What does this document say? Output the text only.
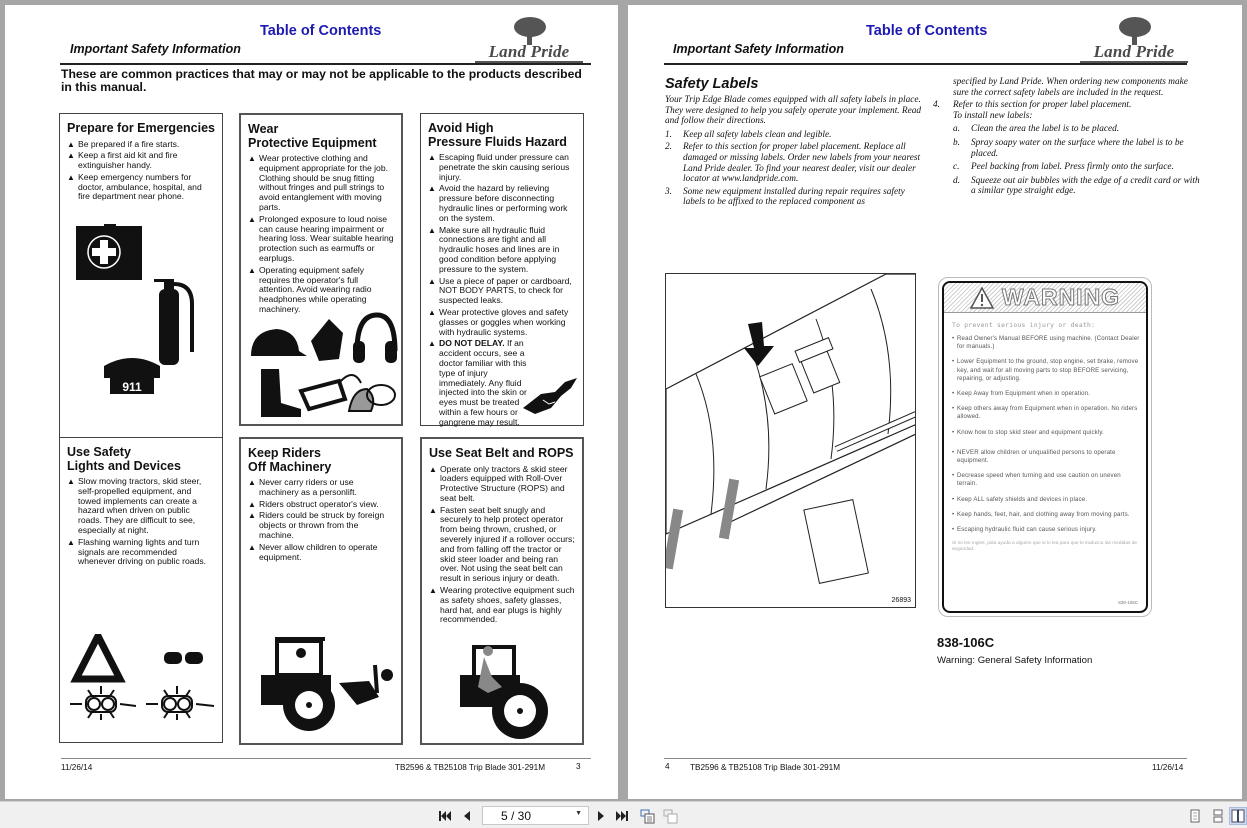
Table of Contents
Important Safety Information	Land Pride
These are common practices that may or may not be applicable to the products described in this manual.
Prepare for Emergencies
▲ Be prepared if a fire starts.
▲ Keep a first aid kit and fire extinguisher handy.
▲ Keep emergency numbers for doctor, ambulance, hospital, and fire department near phone.
911
Wear
Protective Equipment
▲ Wear protective clothing and equipment appropriate for the job. Clothing should be snug fitting without fringes and pull strings to avoid entanglement with moving parts.
▲ Prolonged exposure to loud noise can cause hearing impairment or hearing loss. Wear suitable hearing protection such as earmuffs or earplugs.
▲ Operating equipment safely requires the operator's full attention. Avoid wearing radio headphones while operating machinery.
Avoid High
Pressure Fluids Hazard
▲ Escaping fluid under pressure can penetrate the skin causing serious injury.
▲ Avoid the hazard by relieving pressure before disconnecting hydraulic lines or performing work on the system.
▲ Make sure all hydraulic fluid connections are tight and all hydraulic hoses and lines are in good condition before applying pressure to the system.
▲ Use a piece of paper or cardboard, NOT BODY PARTS, to check for suspected leaks.
▲ Wear protective gloves and safety glasses or goggles when working with hydraulic systems.
▲ DO NOT DELAY. If an accident occurs, see a doctor familiar with this type of injury immediately. Any fluid injected into the skin or eyes must be treated within a few hours or gangrene may result.
Use Safety
Lights and Devices
▲ Slow moving tractors, skid steer, self-propelled equipment, and towed implements can create a hazard when driven on public roads. They are difficult to see, especially at night.
▲ Flashing warning lights and turn signals are recommended whenever driving on public roads.
Keep Riders
Off Machinery
▲ Never carry riders or use machinery as a personlift.
▲ Riders obstruct operator's view.
▲ Riders could be struck by foreign objects or thrown from the machine.
▲ Never allow children to operate equipment.
Use Seat Belt and ROPS
▲ Operate only tractors & skid steer loaders equipped with Roll-Over Protective Structure (ROPS) and seat belt.
▲ Fasten seat belt snugly and securely to help protect operator from being thrown, crushed, or severely injured if a rollover occurs; and from falling off the tractor or skid steer loader and being ran over. Not using the seat belt can result in serious injury or death.
▲ Wearing protective equipment such as safety shoes, safety glasses, hard hat, and ear plugs is highly recommended.
11/26/14	TB2596 & TB25108 Trip Blade 301-291M	3
Table of Contents
Important Safety Information	Land Pride
Safety Labels

Your Trip Edge Blade comes equipped with all safety labels in place. They were designed to help you safely operate your implement. Read and follow their directions.

1. Keep all safety labels clean and legible.
2. Refer to this section for proper label placement. Replace all damaged or missing labels. Order new labels from your nearest Land Pride dealer. To find your nearest dealer, visit our dealer locator at www.landpride.com.
3. Some new equipment installed during repair requires safety labels to be affixed to the replaced component as

specified by Land Pride. When ordering new components make sure the correct safety labels are included in the request.

4. Refer to this section for proper label placement.
To install new labels:
a. Clean the area the label is to be placed.
b. Spray soapy water on the surface where the label is to be placed.
c. Peel backing from label. Press firmly onto the surface.
d. Squeeze out air bubbles with the edge of a credit card or with a similar type straight edge.
26893
WARNING
To prevent serious injury or death:
• Read Owner's Manual BEFORE using machine. (Contact Dealer for manuals.)
• Lower Equipment to the ground, stop engine, set brake, remove key, and wait for all moving parts to stop BEFORE servicing, repairing, or adjusting.
• Keep Away from Equipment when in operation.
• Keep others away from Equipment when in operation. No riders allowed.
• Know how to stop skid steer and equipment quickly.
• NEVER allow children or unqualified persons to operate equipment.
• Decrease speed when turning and use caution on uneven terrain.
• Keep ALL safety shields and devices in place.
• Keep hands, feet, hair, and clothing away from moving parts.
• Escaping hydraulic fluid can cause serious injury.
Si no lee ingles, pida ayuda a alguien que si lo lea para que le traduzca las medidas de seguridad.
838-106C
838-106C
Warning: General Safety Information
4 TB2596 & TB25108 Trip Blade 301-291M	11/26/14
5 / 30	▼
